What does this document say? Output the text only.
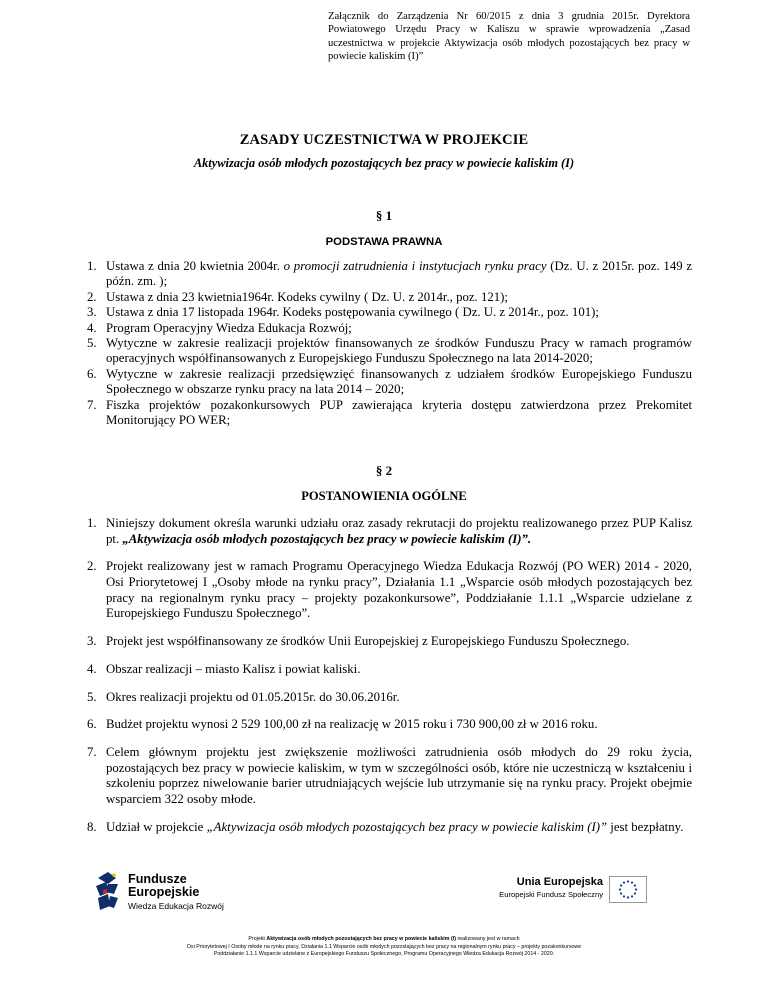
Załącznik do Zarządzenia Nr 60/2015 z dnia 3 grudnia 2015r. Dyrektora Powiatowego Urzędu Pracy w Kaliszu w sprawie wprowadzenia „Zasad uczestnictwa w projekcie Aktywizacja osób młodych pozostających bez pracy w powiecie kaliskim (I)”
ZASADY UCZESTNICTWA W PROJEKCIE
Aktywizacja osób młodych pozostających bez pracy w powiecie kaliskim (I)
§ 1
PODSTAWA PRAWNA
1. Ustawa z dnia 20 kwietnia 2004r. o promocji zatrudnienia i instytucjach rynku pracy (Dz. U. z 2015r. poz. 149 z późn. zm. );
2. Ustawa z dnia 23 kwietnia1964r. Kodeks cywilny ( Dz. U. z 2014r., poz. 121);
3. Ustawa z dnia 17 listopada 1964r. Kodeks postępowania cywilnego ( Dz. U. z 2014r., poz. 101);
4. Program Operacyjny Wiedza Edukacja Rozwój;
5. Wytyczne w zakresie realizacji projektów finansowanych ze środków Funduszu Pracy w ramach programów operacyjnych współfinansowanych z Europejskiego Funduszu Społecznego na lata 2014-2020;
6. Wytyczne w zakresie realizacji przedsięwzięć finansowanych z udziałem środków Europejskiego Funduszu Społecznego w obszarze rynku pracy na lata 2014 – 2020;
7. Fiszka projektów pozakonkursowych PUP zawierająca kryteria dostępu zatwierdzona przez Prekomitet Monitorujący PO WER;
§ 2
POSTANOWIENIA OGÓLNE
1. Niniejszy dokument określa warunki udziału oraz zasady rekrutacji do projektu realizowanego przez PUP Kalisz pt. „Aktywizacja osób młodych pozostających bez pracy w powiecie kaliskim (I)”.
2. Projekt realizowany jest w ramach Programu Operacyjnego Wiedza Edukacja Rozwój (PO WER) 2014 - 2020, Osi Priorytetowej I „Osoby młode na rynku pracy”, Działania 1.1 „Wsparcie osób młodych pozostających bez pracy na regionalnym rynku pracy – projekty pozakonkursowe”, Poddziałanie 1.1.1 „Wsparcie udzielane z Europejskiego Funduszu Społecznego”.
3. Projekt jest współfinansowany ze środków Unii Europejskiej z Europejskiego Funduszu Społecznego.
4. Obszar realizacji – miasto Kalisz i powiat kaliski.
5. Okres realizacji projektu od 01.05.2015r. do 30.06.2016r.
6. Budżet projektu wynosi 2 529 100,00 zł na realizację w 2015 roku i 730 900,00 zł w 2016 roku.
7. Celem głównym projektu jest zwiększenie możliwości zatrudnienia osób młodych do 29 roku życia, pozostających bez pracy w powiecie kaliskim, w tym w szczególności osób, które nie uczestniczą w kształceniu i szkoleniu poprzez niwelowanie barier utrudniających wejście lub utrzymanie się na rynku pracy. Projekt obejmie wsparciem 322 osoby młode.
8. Udział w projekcie „Aktywizacja osób młodych pozostających bez pracy w powiecie kaliskim (I)” jest bezpłatny.
Fundusze
Europejskie
Wiedza Edukacja Rozwój
Unia Europejska
Europejski Fundusz Społeczny
Projekt Aktywizacja osób młodych pozostających bez pracy w powiecie kaliskim (I) realizowany jest w ramach
Osi Priorytetowej I Osoby młode na rynku pracy, Działania 1.1 Wsparcie osób młodych pozostających bez pracy na regionalnym rynku pracy – projekty pozakonkursowe
Poddziałanie 1.1.1 Wsparcie udzielane z Europejskiego Funduszu Społecznego, Programu Operacyjnego Wiedza Edukacja Rozwój 2014 - 2020.
